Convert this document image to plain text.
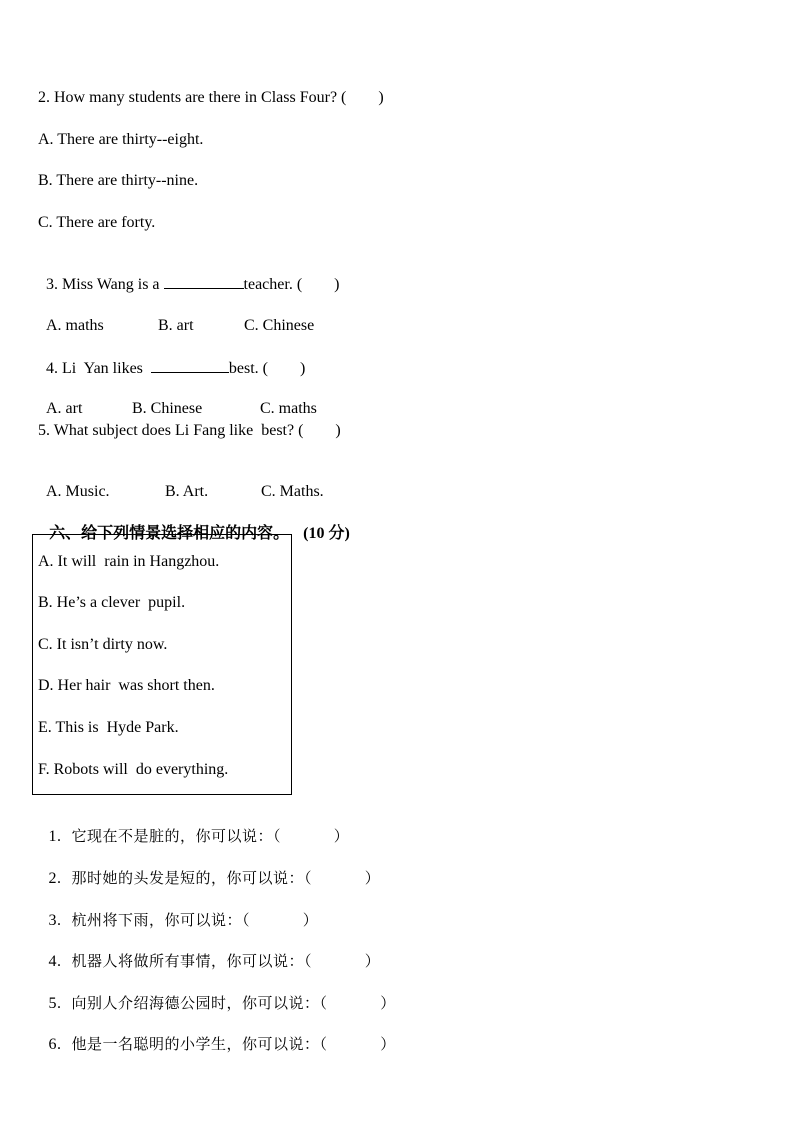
2. How many students are there in Class Four? (        )
A. There are thirty--eight.
B. There are thirty--nine.
C. There are forty.

3. Miss Wang is a	teacher. (        )

A. maths	B. art	C. Chinese

4. Li  Yan likes	best. (        )

A. art	B. Chinese	C. maths

5. What subject does Li Fang like  best? (        )

A. Music.	B. Art.	C. Maths.

六、给下列情景选择相应的内容。 (10 分)

A. It will  rain in Hangzhou.
B. He’s a clever  pupil.
C. It isn’t dirty now.
D. Her hair  was short then.
E. This is  Hyde Park.
F. Robots will  do everything.

1. 它现在不是脏的，你可以说：（          ）

2. 那时她的头发是短的，你可以说：（          ）

3. 杭州将下雨，你可以说：（          ）

4. 机器人将做所有事情，你可以说：（          ）

5. 向别人介绍海德公园时，你可以说：（          ）

6. 他是一名聪明的小学生，你可以说：（          ）
